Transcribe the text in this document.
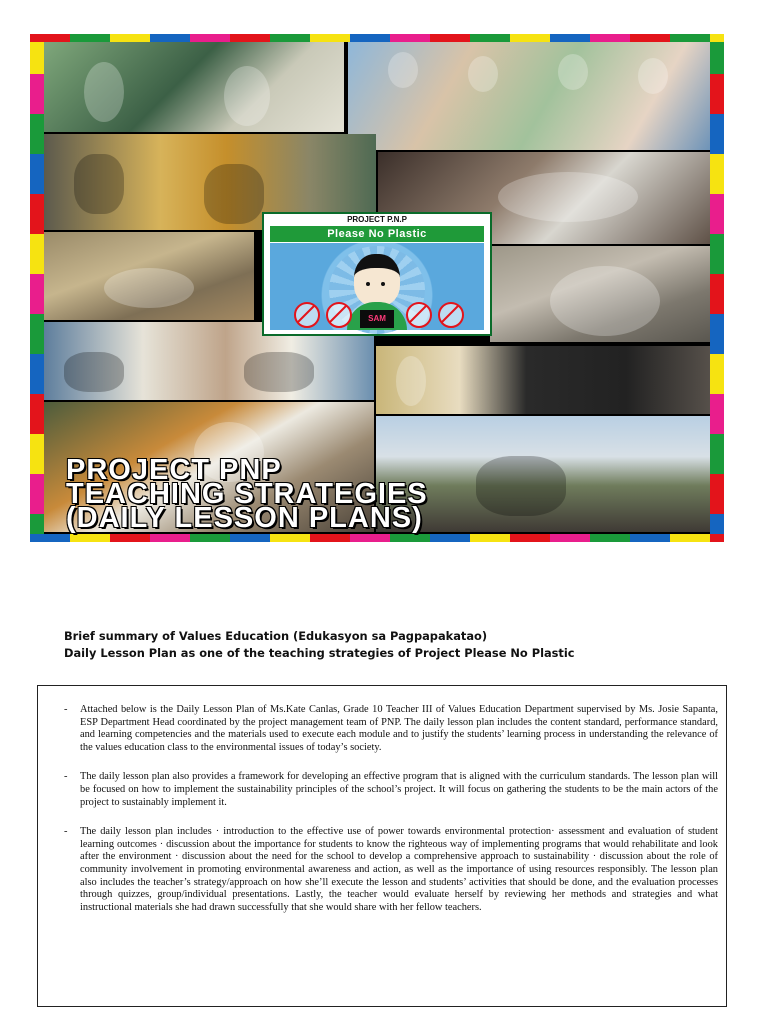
PROJECT P.N.P
Please No Plastic
SAM
PROJECT PNP
TEACHING STRATEGIES
(DAILY LESSON PLANS)
Brief summary of Values Education (Edukasyon sa Pagpapakatao)
Daily Lesson Plan as one of the teaching strategies of Project Please No Plastic
- Attached below is the Daily Lesson Plan of Ms.Kate Canlas, Grade 10 Teacher III of Values Education Department supervised by Ms. Josie Sapanta, ESP Department Head coordinated by the project management team of PNP. The daily lesson plan includes the content standard, performance standard, and learning competencies and the materials used to execute each module and to justify the students’ learning process in understanding the relevance of the values education class to the environmental issues of today’s society.
- The daily lesson plan also provides a framework for developing an effective program that is aligned with the curriculum standards. The lesson plan will be focused on how to implement the sustainability principles of the school’s project. It will focus on gathering the students to be the main actors of the project to sustainably implement it.
- The daily lesson plan includes · introduction to the effective use of power towards environmental protection· assessment and evaluation of student learning outcomes · discussion about the importance for students to know the righteous way of implementing programs that would rehabilitate and look after the environment · discussion about the need for the school to develop a comprehensive approach to sustainability · discussion about the role of community involvement in promoting environmental awareness and action, as well as the importance of using resources responsibly. The lesson plan also includes the teacher’s strategy/approach on how she’ll execute the lesson and students’ activities that should be done, and the evaluation processes through quizzes, group/individual presentations. Lastly, the teacher would evaluate herself by reviewing her methods and strategies and what instructional materials she had drawn successfully that she would share with her fellow teachers.
